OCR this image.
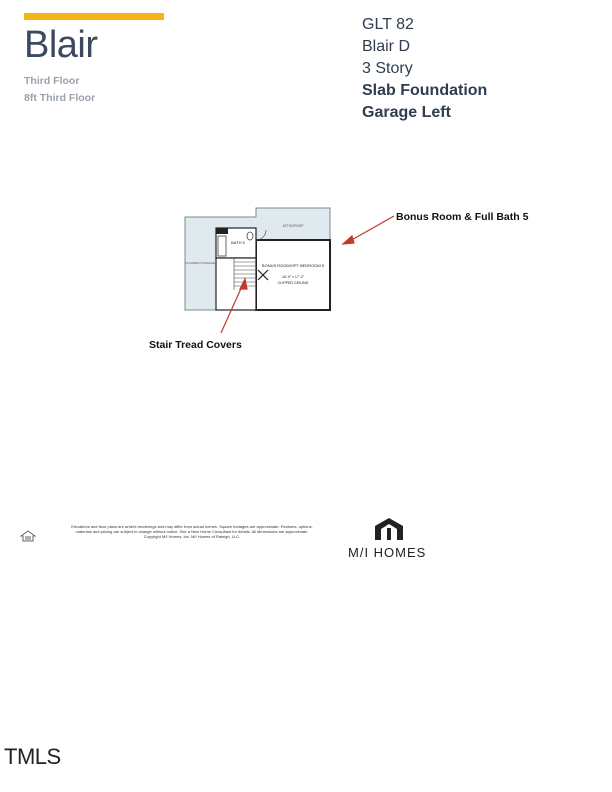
Blair
Third Floor
8ft Third Floor
GLT 82
Blair D
3 Story
Slab Foundation
Garage Left
ATTIC/ROOF
BATH 5
FLOORED STORAGE	BONUS ROOM/OPT BEDROOM 5
16'-0" x 17'-2"
CLIPPED CEILING
Bonus Room & Full Bath 5
Stair Tread Covers
Elevations and floor plans are artist's renderings and may differ from actual homes. Square footages are approximate. Features, options, materials and pricing are subject to change without notice. See a New Home Consultant for details. All dimensions are approximate. Copyright M/I Homes, Inc. M/I Homes of Raleigh, LLC.
M/I HOMES
TMLS
